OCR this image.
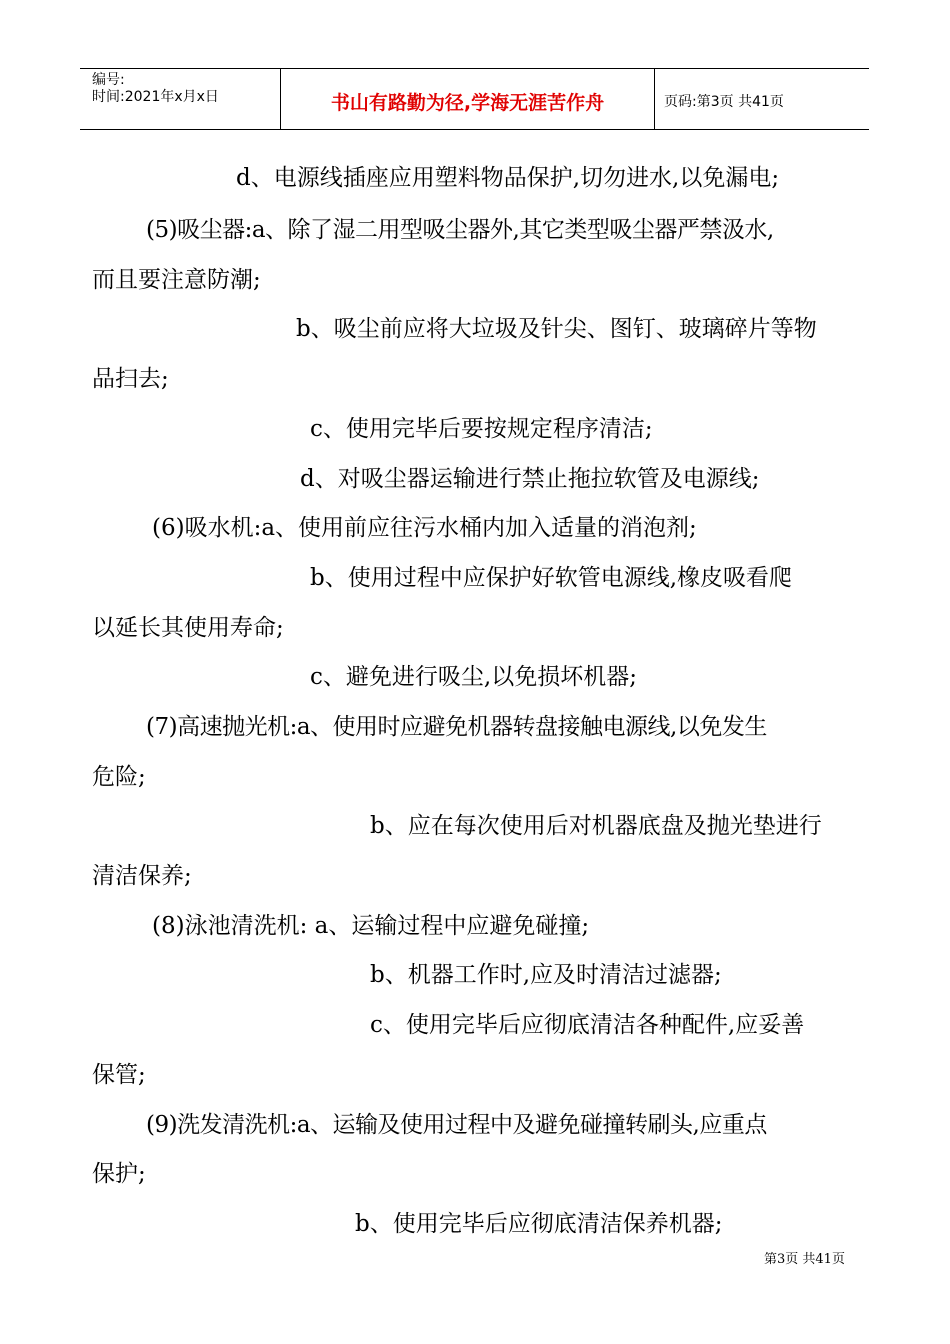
编号:
时间:2021年x月x日	书山有路勤为径,学海无涯苦作舟	页码:第3页 共41页
d、电源线插座应用塑料物品保护,切勿进水,以免漏电;
(5)吸尘器:a、除了湿二用型吸尘器外,其它类型吸尘器严禁汲水,
而且要注意防潮;
b、吸尘前应将大垃圾及针尖、图钉、玻璃碎片等物
品扫去;
c、使用完毕后要按规定程序清洁;
d、对吸尘器运输进行禁止拖拉软管及电源线;
(6)吸水机:a、使用前应往污水桶内加入适量的消泡剂;
b、使用过程中应保护好软管电源线,橡皮吸看爬
以延长其使用寿命;
c、避免进行吸尘,以免损坏机器;
(7)高速抛光机:a、使用时应避免机器转盘接触电源线,以免发生
危险;
b、应在每次使用后对机器底盘及抛光垫进行
清洁保养;
(8)泳池清洗机: a、运输过程中应避免碰撞;
b、机器工作时,应及时清洁过滤器;
c、使用完毕后应彻底清洁各种配件,应妥善
保管;
(9)洗发清洗机:a、运输及使用过程中及避免碰撞转刷头,应重点
保护;
b、使用完毕后应彻底清洁保养机器;
第3页 共41页
